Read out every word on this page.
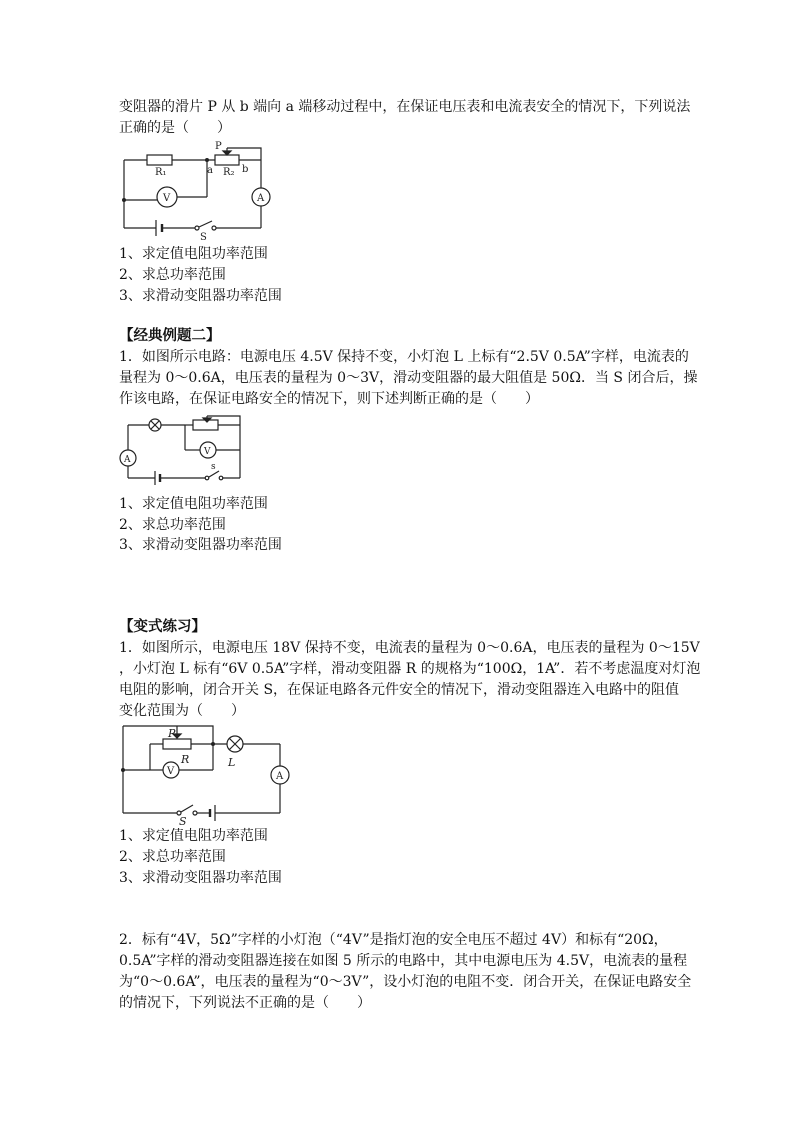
变阻器的滑片 P 从 b 端向 a 端移动过程中，在保证电压表和电流表安全的情况下，下列说法
正确的是（　　）
P
R₁	a R₂ b
V	A
S
1、求定值电阻功率范围
2、求总功率范围
3、求滑动变阻器功率范围
【经典例题二】
1．如图所示电路：电源电压 4.5V 保持不变，小灯泡 L 上标有“2.5V 0.5A”字样，电流表的
量程为 0～0.6A，电压表的量程为 0～3V，滑动变阻器的最大阻值是 50Ω．当 S 闭合后，操
作该电路，在保证电路安全的情况下，则下述判断正确的是（　　）
V
A
s
1、求定值电阻功率范围
2、求总功率范围
3、求滑动变阻器功率范围
【变式练习】
1．如图所示，电源电压 18V 保持不变，电流表的量程为 0～0.6A，电压表的量程为 0～15V
，小灯泡 L 标有“6V 0.5A”字样，滑动变阻器 R 的规格为“100Ω，1A”．若不考虑温度对灯泡
电阻的影响，闭合开关 S，在保证电路各元件安全的情况下，滑动变阻器连入电路中的阻值
变化范围为（　　）
P
R	L
V	A
S
1、求定值电阻功率范围
2、求总功率范围
3、求滑动变阻器功率范围
2．标有“4V，5Ω”字样的小灯泡（“4V”是指灯泡的安全电压不超过 4V）和标有“20Ω，
0.5A”字样的滑动变阻器连接在如图 5 所示的电路中，其中电源电压为 4.5V，电流表的量程
为“0～0.6A”，电压表的量程为“0～3V”，设小灯泡的电阻不变．闭合开关，在保证电路安全
的情况下，下列说法不正确的是（　　）
